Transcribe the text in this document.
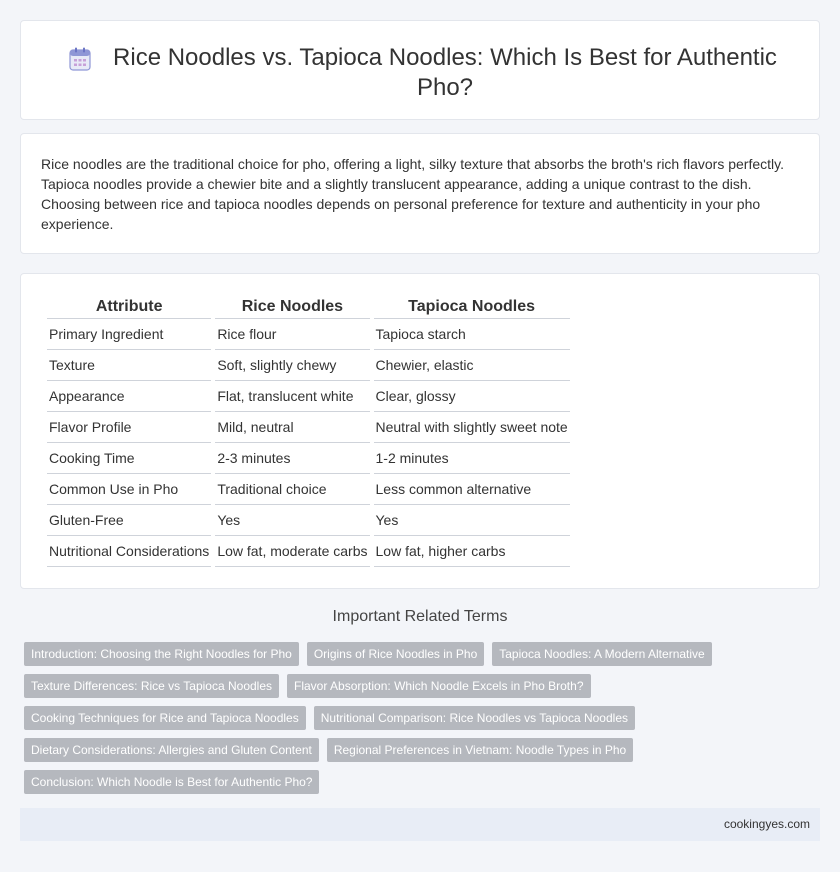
Rice Noodles vs. Tapioca Noodles: Which Is Best for Authentic Pho?

Rice noodles are the traditional choice for pho, offering a light, silky texture that absorbs the broth's rich flavors perfectly. Tapioca noodles provide a chewier bite and a slightly translucent appearance, adding a unique contrast to the dish. Choosing between rice and tapioca noodles depends on personal preference for texture and authenticity in your pho experience.

Attribute	Rice Noodles	Tapioca Noodles
Primary Ingredient	Rice flour	Tapioca starch
Texture	Soft, slightly chewy	Chewier, elastic
Appearance	Flat, translucent white	Clear, glossy
Flavor Profile	Mild, neutral	Neutral with slightly sweet note
Cooking Time	2-3 minutes	1-2 minutes
Common Use in Pho	Traditional choice	Less common alternative
Gluten-Free	Yes	Yes
Nutritional Considerations	Low fat, moderate carbs	Low fat, higher carbs
Important Related Terms
Introduction: Choosing the Right Noodles for Pho	Origins of Rice Noodles in Pho	Tapioca Noodles: A Modern Alternative
Texture Differences: Rice vs Tapioca Noodles	Flavor Absorption: Which Noodle Excels in Pho Broth?
Cooking Techniques for Rice and Tapioca Noodles	Nutritional Comparison: Rice Noodles vs Tapioca Noodles
Dietary Considerations: Allergies and Gluten Content	Regional Preferences in Vietnam: Noodle Types in Pho
Conclusion: Which Noodle is Best for Authentic Pho?
cookingyes.com
